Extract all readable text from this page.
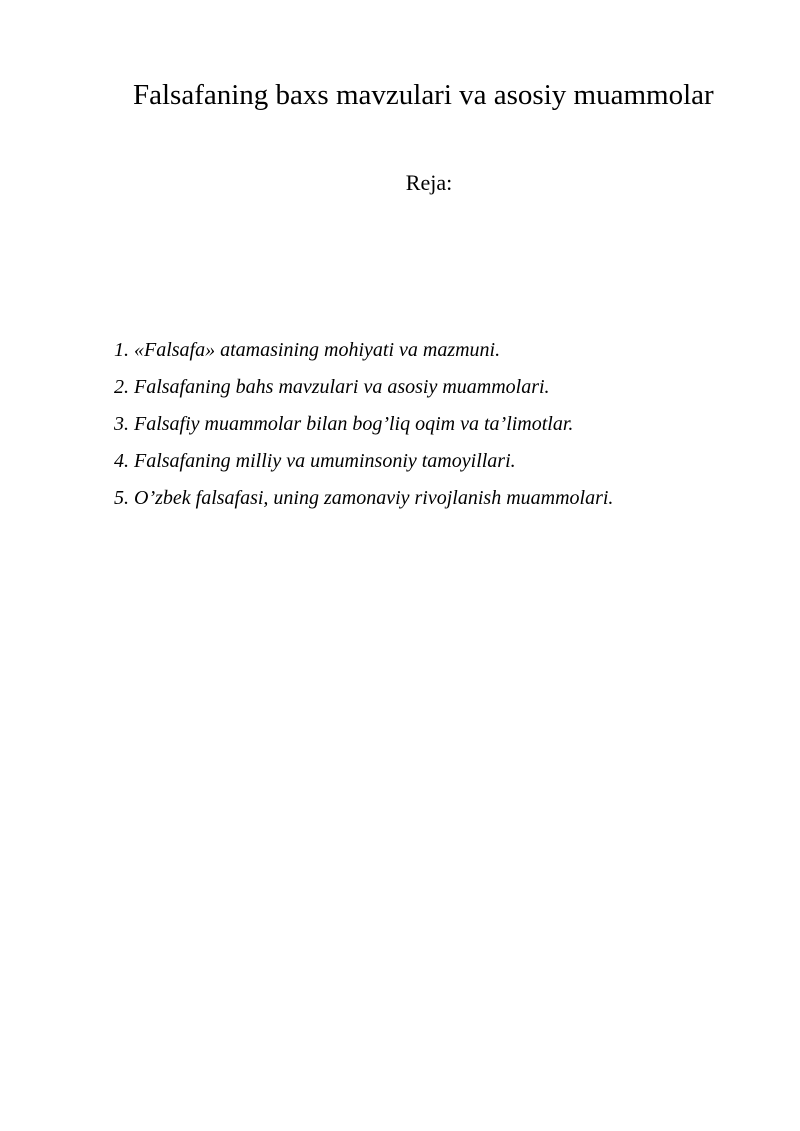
Falsafaning baxs mavzulari va asosiy muammolar
Reja:
1. «Falsafa» atamasining mohiyati va mazmuni.
2. Falsafaning bahs mavzulari va asosiy muammolari.
3. Falsafiy muammolar bilan bog’liq oqim va ta’limotlar.
4. Falsafaning milliy va umuminsoniy tamoyillari.
5. O’zbek falsafasi, uning zamonaviy rivojlanish muammolari.
